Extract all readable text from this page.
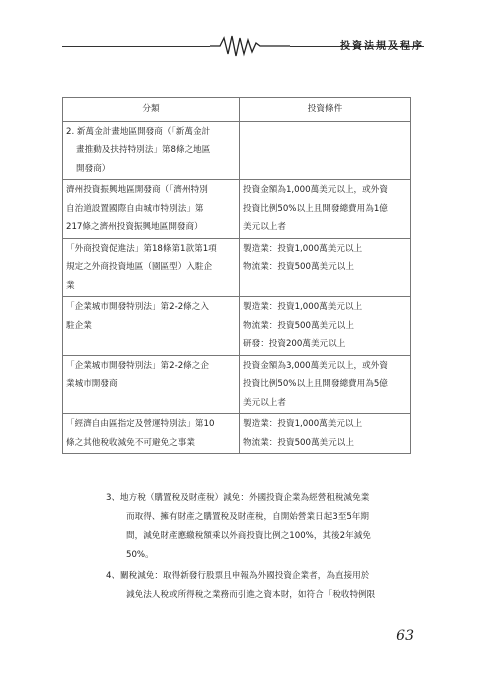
投資法規及程序
分類	投資條件

2. 新萬金計畫地區開發商（「新萬金計
畫推動及扶持特別法」第8條之地區
開發商）	

濟州投資振興地區開發商（「濟州特別
自治道設置國際自由城市特別法」第
217條之濟州投資振興地區開發商）	投資金額為1,000萬美元以上，或外資
投資比例50%以上且開發總費用為1億
美元以上者

「外商投資促進法」第18條第1款第1項
規定之外商投資地區（園區型）入駐企
業	製造業：投資1,000萬美元以上
物流業：投資500萬美元以上

「企業城市開發特別法」第2-2條之入
駐企業	製造業：投資1,000萬美元以上
物流業：投資500萬美元以上
研發：投資200萬美元以上

「企業城市開發特別法」第2-2條之企
業城市開發商	投資金額為3,000萬美元以上，或外資
投資比例50%以上且開發總費用為5億
美元以上者

「經濟自由區指定及營運特別法」第10
條之其他稅收減免不可避免之事業	製造業：投資1,000萬美元以上
物流業：投資500萬美元以上
3、地方稅（購置稅及財產稅）減免：外國投資企業為經營租稅減免業
而取得、擁有財產之購置稅及財產稅，自開始營業日起3至5年期
間，減免財產應繳稅額乘以外商投資比例之100%，其後2年減免
50%。
4、關稅減免：取得新發行股票且申報為外國投資企業者，為直接用於
減免法人稅或所得稅之業務而引進之資本財，如符合「稅收特例限
63
